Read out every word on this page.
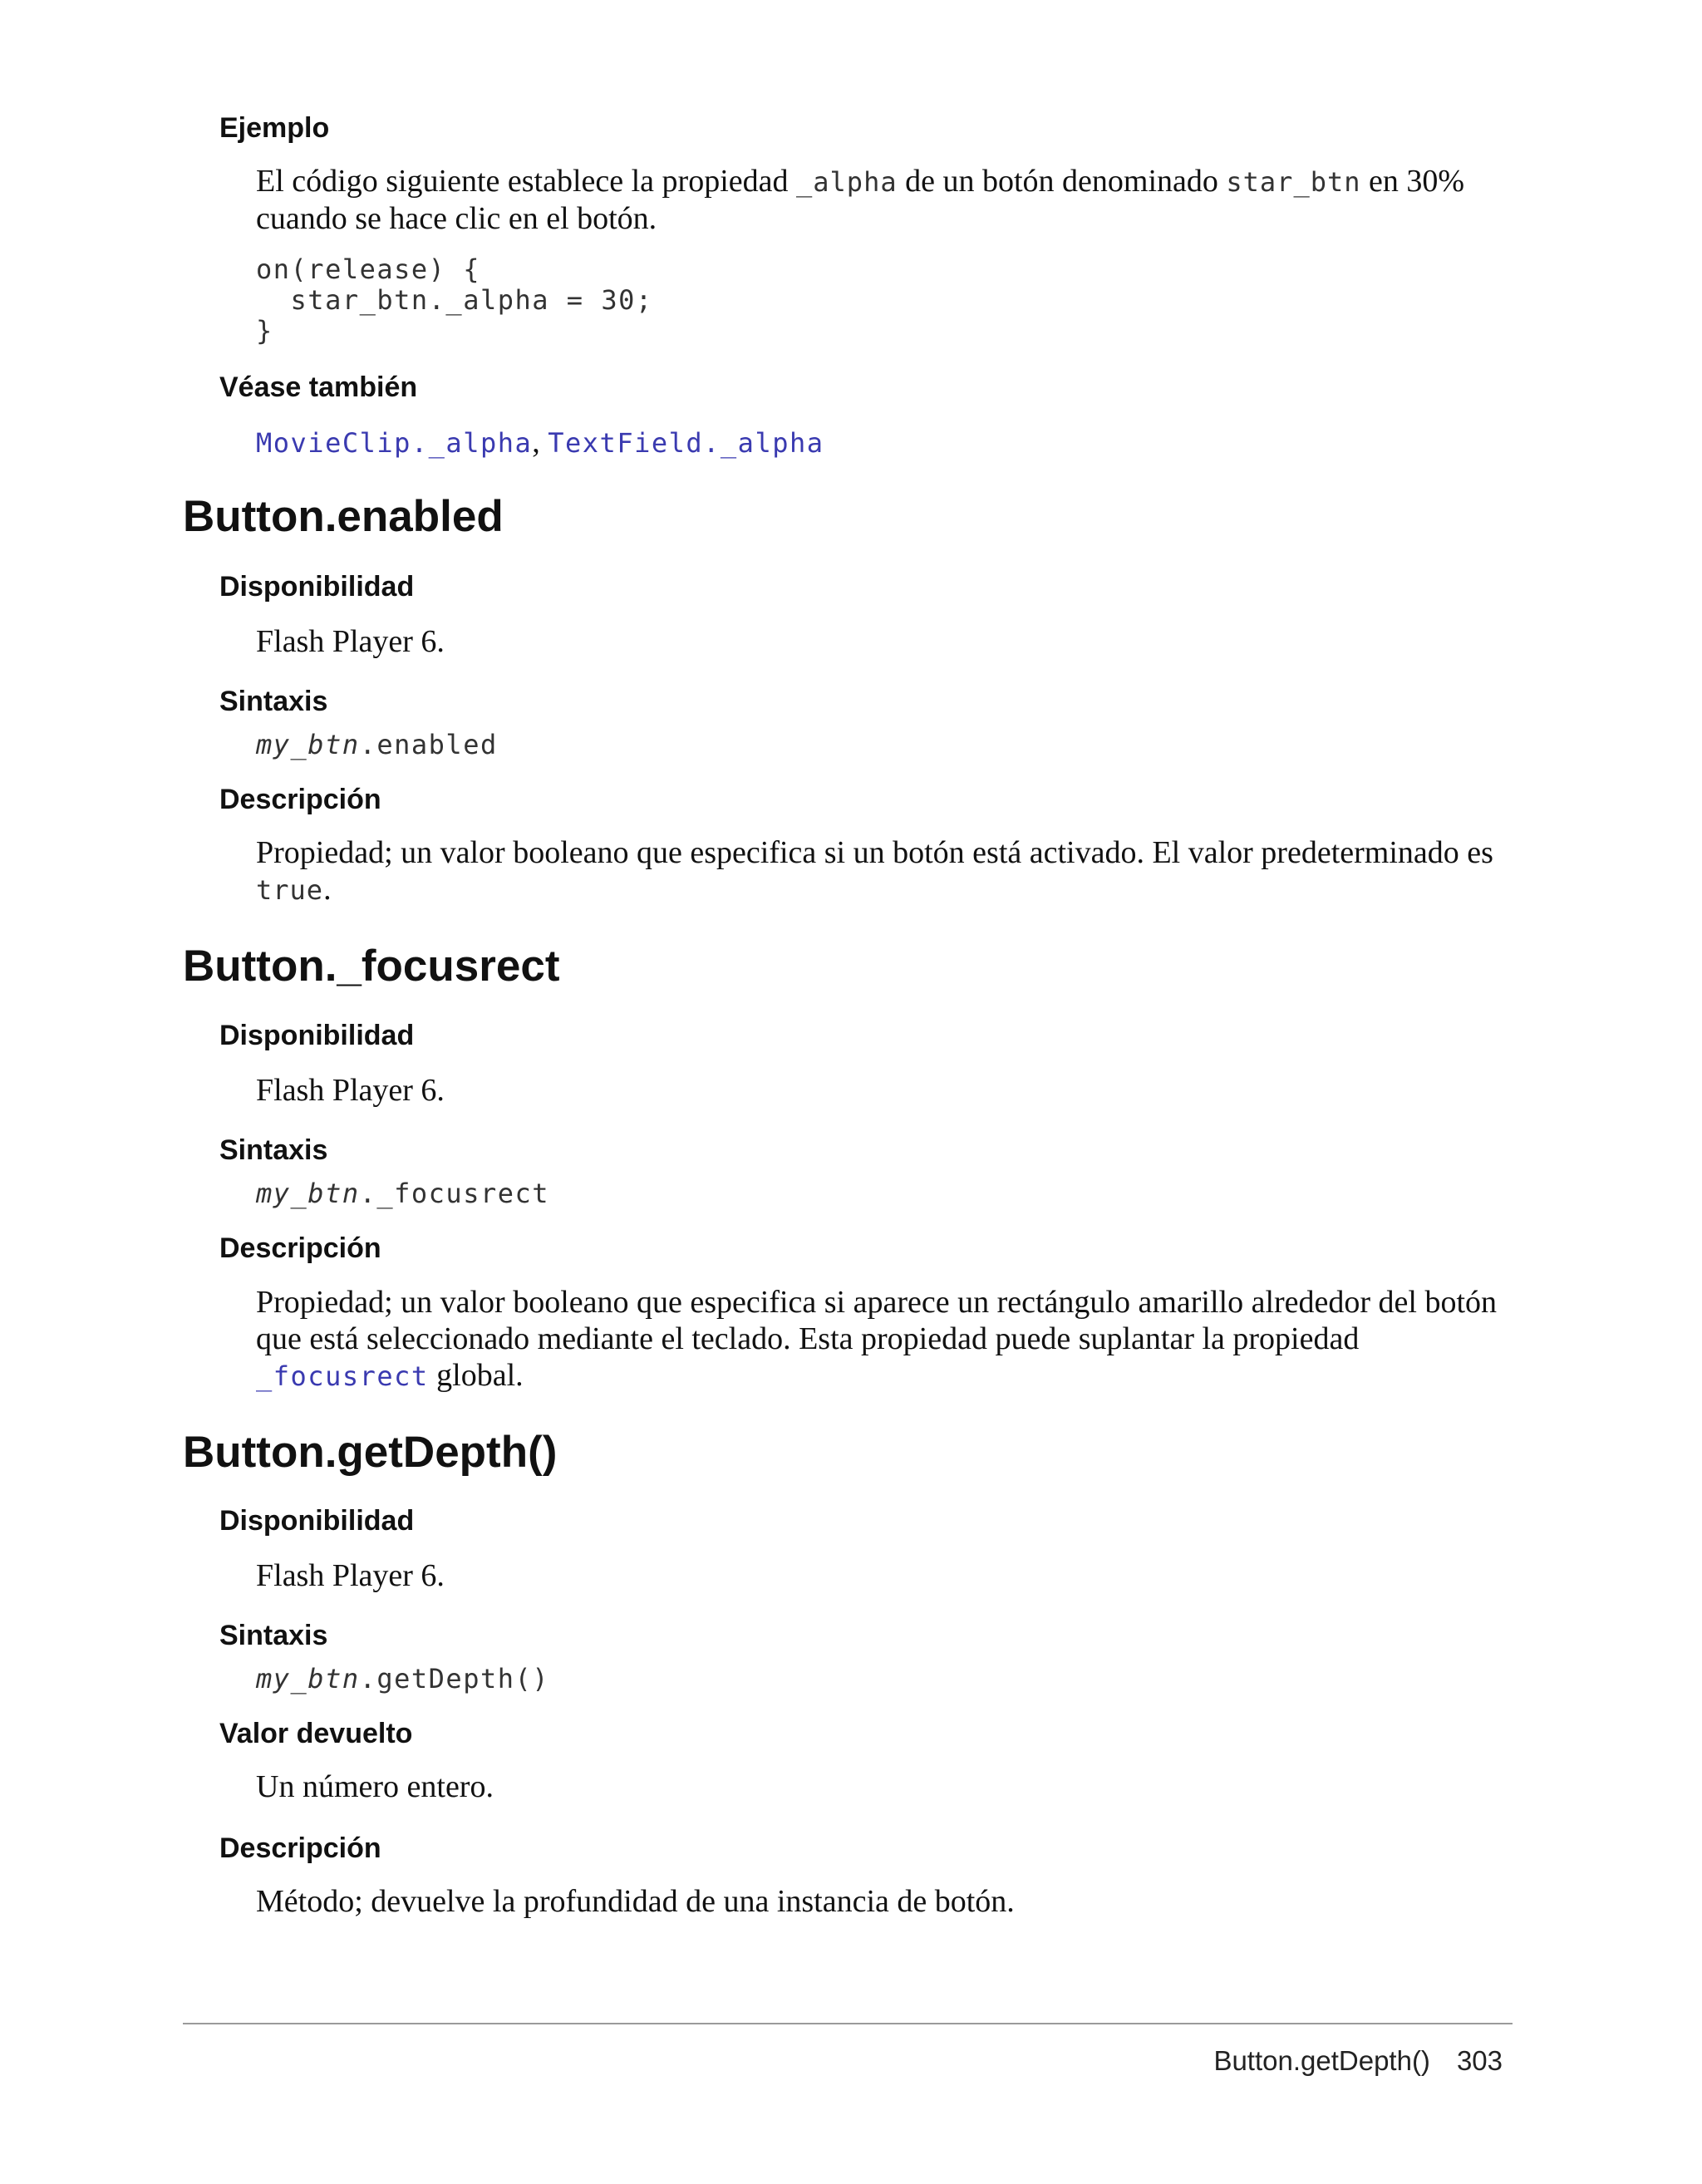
Ejemplo

El código siguiente establece la propiedad _alpha de un botón denominado star_btn en 30% cuando se hace clic en el botón.

on(release) {
star_btn._alpha = 30;
}
Véase también

MovieClip._alpha, TextField._alpha

Button.enabled
Disponibilidad

Flash Player 6.

Sintaxis

my_btn.enabled

Descripción

Propiedad; un valor booleano que especifica si un botón está activado. El valor predeterminado es true.

Button._focusrect
Disponibilidad

Flash Player 6.

Sintaxis

my_btn._focusrect

Descripción

Propiedad; un valor booleano que especifica si aparece un rectángulo amarillo alrededor del botón que está seleccionado mediante el teclado. Esta propiedad puede suplantar la propiedad _focusrect global.

Button.getDepth()
Disponibilidad

Flash Player 6.

Sintaxis

my_btn.getDepth()

Valor devuelto

Un número entero.

Descripción

Método; devuelve la profundidad de una instancia de botón.

Button.getDepth() 303
